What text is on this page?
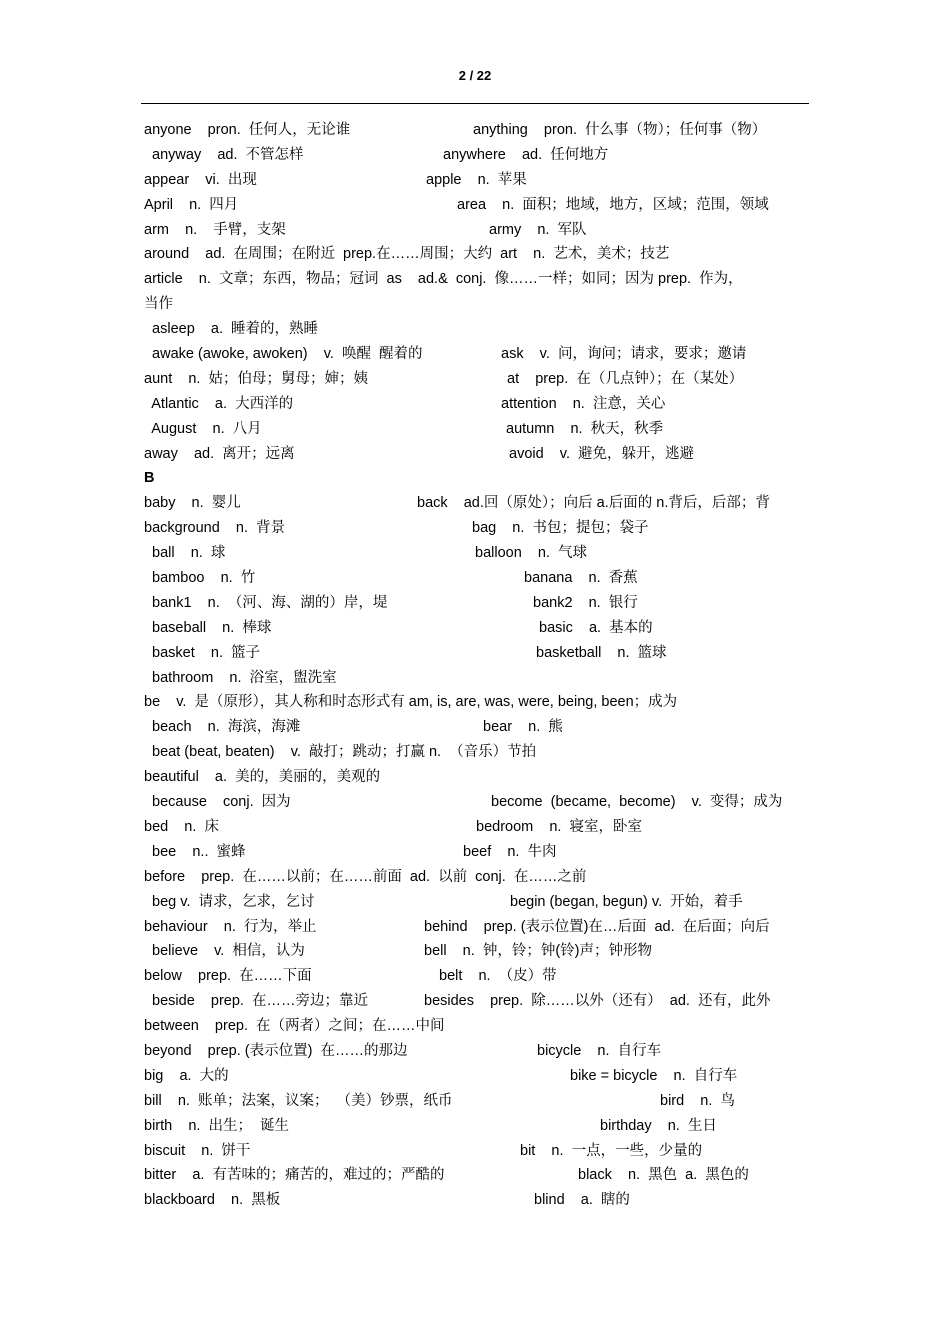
2 / 22
anyone    pron.  任何人，无论谁	anything    pron.  什么事（物）；任何事（物）
anyway    ad.  不管怎样	anywhere    ad.  任何地方
appear    vi.  出现	apple    n.  苹果
April    n.  四月	area    n.  面积；地域，地方，区域；范围，领域
arm    n.    手臂，支架	army    n.  军队
around    ad.  在周围；在附近  prep.在……周围；大约  art    n.  艺术，美术；技艺
article    n.  文章；东西，物品；冠词  as    ad.&  conj.  像……一样；如同；因为 prep.  作为，
当作
asleep    a.  睡着的，熟睡
awake (awoke, awoken)    v.  唤醒  醒着的	ask    v.  问，询问；请求，要求；邀请
aunt    n.  姑；伯母；舅母；婶；姨	at    prep.  在（几点钟）；在（某处）
Atlantic    a.  大西洋的	attention    n.  注意，关心
August    n.  八月	autumn    n.  秋天，秋季
away    ad.  离开；远离	avoid    v.  避免，躲开，逃避
B
baby    n.  婴儿	back    ad.回（原处）；向后 a.后面的 n.背后，后部；背
background    n.  背景	bag    n.  书包；提包；袋子
ball    n.  球	balloon    n.  气球
bamboo    n.  竹	banana    n.  香蕉
bank1    n.  （河、海、湖的）岸，堤	bank2    n.  银行
baseball    n.  棒球	basic    a.  基本的
basket    n.  篮子	basketball    n.  篮球
bathroom    n.  浴室，盥洗室
be    v.  是（原形），其人称和时态形式有 am, is, are, was, were, being, been；成为
beach    n.  海滨，海滩	bear    n.  熊
beat (beat, beaten)    v.  敲打；跳动；打赢 n.  （音乐）节拍
beautiful    a.  美的，美丽的，美观的
because    conj.  因为	become  (became,  become)    v.  变得；成为
bed    n.  床	bedroom    n.  寝室，卧室
bee    n..  蜜蜂	beef    n.  牛肉
before    prep.  在……以前；在……前面  ad.  以前  conj.  在……之前
beg v.  请求，乞求，乞讨	begin (began, begun) v.  开始，着手
behaviour    n.  行为，举止	behind    prep. (表示位置)在…后面  ad.  在后面；向后
believe    v.  相信，认为	bell    n.  钟，铃；钟(铃)声；钟形物
below    prep.  在……下面	belt    n.  （皮）带
beside    prep.  在……旁边；靠近	besides    prep.  除……以外（还有）  ad.  还有，此外
between    prep.  在（两者）之间；在……中间
beyond    prep. (表示位置)  在……的那边	bicycle    n.  自行车
big    a.  大的	bike = bicycle    n.  自行车
bill    n.  账单；法案，议案；  （美）钞票，纸币	bird    n.  鸟
birth    n.  出生；  诞生	birthday    n.  生日
biscuit    n.  饼干	bit    n.  一点，一些，少量的
bitter    a.  有苦味的；痛苦的，难过的；严酷的	black    n.  黑色  a.  黑色的
blackboard    n.  黑板	blind    a.  瞎的
